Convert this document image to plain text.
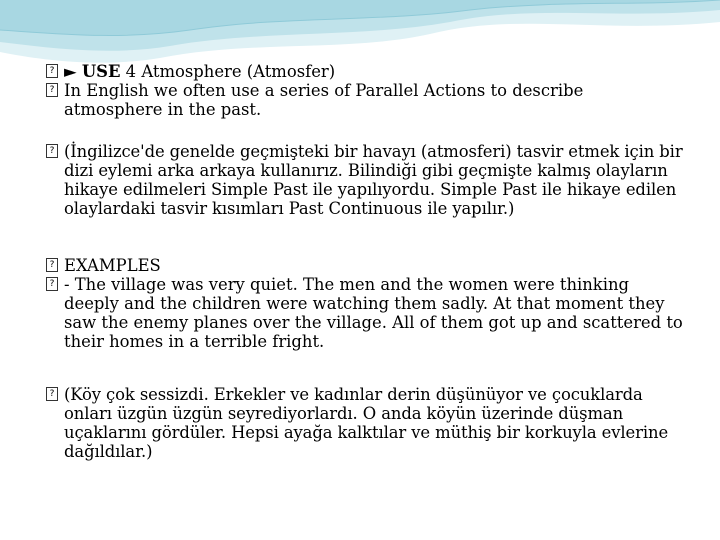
? ► USE 4 Atmosphere (Atmosfer)

? In English we often use a series of Parallel Actions to describe atmosphere in the past.

? (İngilizce'de genelde geçmişteki bir havayı (atmosferi) tasvir etmek için bir dizi eylemi arka arkaya kullanırız. Bilindiği gibi geçmişte kalmış olayların hikaye edilmeleri Simple Past ile yapılıyordu. Simple Past ile hikaye edilen olaylardaki tasvir kısımları Past Continuous ile yapılır.)

? EXAMPLES

? - The village was very quiet. The men and the women were thinking deeply and the children were watching them sadly. At that moment they saw the enemy planes over the village. All of them got up and scattered to their homes in a terrible fright.

? (Köy çok sessizdi. Erkekler ve kadınlar derin düşünüyor ve çocuklarda onları üzgün üzgün seyrediyorlardı. O anda köyün üzerinde düşman uçaklarını gördüler. Hepsi ayağa kalktılar ve müthiş bir korkuyla evlerine dağıldılar.)
